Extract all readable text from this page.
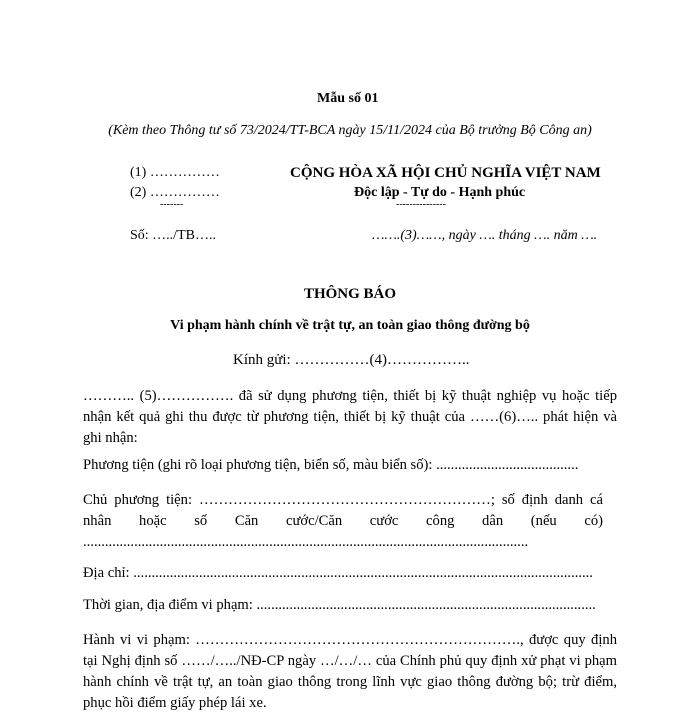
Mẫu số 01
(Kèm theo Thông tư số 73/2024/TT-BCA ngày 15/11/2024 của Bộ trưởng Bộ Công an)
(1) ……………
(2) ……………
-------
Số: …../TB…..
CỘNG HÒA XÃ HỘI CHỦ NGHĨA VIỆT NAM
Độc lập - Tự do - Hạnh phúc
---------------
…….(3)……, ngày …. tháng …. năm ….
THÔNG BÁO
Vi phạm hành chính về trật tự, an toàn giao thông đường bộ
Kính gửi: ……………(4)……………..
……….. (5)……………. đã sử dụng phương tiện, thiết bị kỹ thuật nghiệp vụ hoặc tiếp nhận kết quả ghi thu được từ phương tiện, thiết bị kỹ thuật của ……(6)….. phát hiện và ghi nhận:
Phương tiện (ghi rõ loại phương tiện, biển số, màu biển số): .......................................
Chủ phương tiện: ……………………………………………………; số định danh cá nhân hoặc số Căn cước/Căn cước công dân (nếu có) ..........................................................................................................................
Địa chỉ: ..............................................................................................................................
Thời gian, địa điểm vi phạm: .............................................................................................
Hành vi vi phạm: …………………………………………………………., được quy định tại Nghị định số ……/…../NĐ-CP ngày …/…/… của Chính phủ quy định xử phạt vi phạm hành chính về trật tự, an toàn giao thông trong lĩnh vực giao thông đường bộ; trừ điểm, phục hồi điểm giấy phép lái xe.
